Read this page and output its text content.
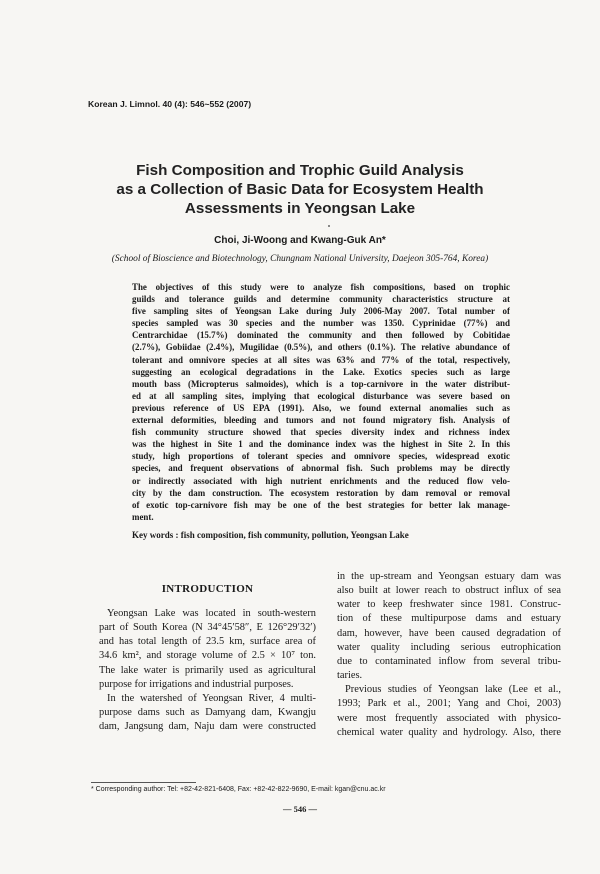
Korean J. Limnol. 40 (4): 546~552 (2007)
Fish Composition and Trophic Guild Analysis
as a Collection of Basic Data for Ecosystem Health
Assessments in Yeongsan Lake
Choi, Ji-Woong and Kwang-Guk An*
(School of Bioscience and Biotechnology, Chungnam National University, Daejeon 305-764, Korea)
The objectives of this study were to analyze fish compositions, based on trophic
guilds and tolerance guilds and determine community characteristics structure at
five sampling sites of Yeongsan Lake during July 2006-May 2007. Total number of
species sampled was 30 species and the number was 1350. Cyprinidae (77%) and
Centrarchidae (15.7%) dominated the community and then followed by Cobitidae
(2.7%), Gobiidae (2.4%), Mugilidae (0.5%), and others (0.1%). The relative abundance of
tolerant and omnivore species at all sites was 63% and 77% of the total, respectively,
suggesting an ecological degradations in the Lake. Exotics species such as large
mouth bass (Micropterus salmoides), which is a top-carnivore in the water distribut-
ed at all sampling sites, implying that ecological disturbance was severe based on
previous reference of US EPA (1991). Also, we found external anomalies such as
external deformities, bleeding and tumors and not found migratory fish. Analysis of
fish community structure showed that species diversity index and richness index
was the highest in Site 1 and the dominance index was the highest in Site 2. In this
study, high proportions of tolerant species and omnivore species, widespread exotic
species, and frequent observations of abnormal fish. Such problems may be directly
or indirectly associated with high nutrient enrichments and the reduced flow velo-
city by the dam construction. The ecosystem restoration by dam removal or removal
of exotic top-carnivore fish may be one of the best strategies for better lak manage-
ment.
Key words : fish composition, fish community, pollution, Yeongsan Lake
INTRODUCTION
Yeongsan Lake was located in south-western
part of South Korea (N 34°45′58″, E 126°29′32′)
and has total length of 23.5 km, surface area of
34.6 km², and storage volume of 2.5 × 10⁷ ton.
The lake water is primarily used as agricultural
purpose for irrigations and industrial purposes.
In the watershed of Yeongsan River, 4 multi-
purpose dams such as Damyang dam, Kwangju
dam, Jangsung dam, Naju dam were constructed
in the up-stream and Yeongsan estuary dam was
also built at lower reach to obstruct influx of sea
water to keep freshwater since 1981. Construc-
tion of these multipurpose dams and estuary
dam, however, have been caused degradation of
water quality including serious eutrophication
due to contaminated inflow from several tribu-
taries.
Previous studies of Yeongsan lake (Lee et al.,
1993; Park et al., 2001; Yang and Choi, 2003)
were most frequently associated with physico-
chemical water quality and hydrology. Also, there
* Corresponding author: Tel: +82-42-821-6408, Fax: +82-42-822-9690, E-mail: kgan@cnu.ac.kr
— 546 —
